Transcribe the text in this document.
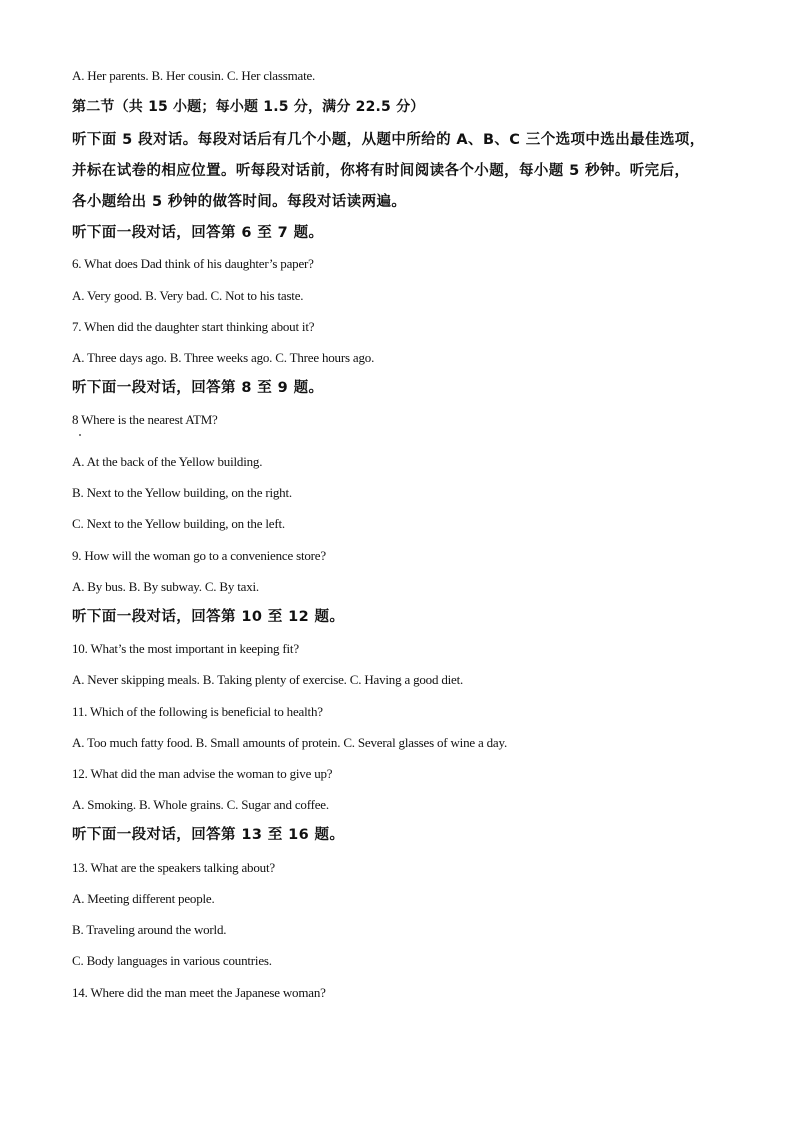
A. Her parents. B. Her cousin. C. Her classmate.
第二节（共 15 小题；每小题 1.5 分，满分 22.5 分）
听下面 5 段对话。每段对话后有几个小题，从题中所给的 A、B、C 三个选项中选出最佳选项，
并标在试卷的相应位置。听每段对话前，你将有时间阅读各个小题，每小题 5 秒钟。听完后，
各小题给出 5 秒钟的做答时间。每段对话读两遍。
听下面一段对话，回答第 6 至 7 题。
6. What does Dad think of his daughter’s paper?
A. Very good. B. Very bad. C. Not to his taste.
7. When did the daughter start thinking about it?
A. Three days ago. B. Three weeks ago. C. Three hours ago.
听下面一段对话，回答第 8 至 9 题。
8 Where is the nearest ATM?
A. At the back of the Yellow building.
B. Next to the Yellow building, on the right.
C. Next to the Yellow building, on the left.
9. How will the woman go to a convenience store?
A. By bus. B. By subway. C. By taxi.
听下面一段对话，回答第 10 至 12 题。
10. What’s the most important in keeping fit?
A. Never skipping meals. B. Taking plenty of exercise. C. Having a good diet.
11. Which of the following is beneficial to health?
A. Too much fatty food. B. Small amounts of protein. C. Several glasses of wine a day.
12. What did the man advise the woman to give up?
A. Smoking. B. Whole grains. C. Sugar and coffee.
听下面一段对话，回答第 13 至 16 题。
13. What are the speakers talking about?
A. Meeting different people.
B. Traveling around the world.
C. Body languages in various countries.
14. Where did the man meet the Japanese woman?
